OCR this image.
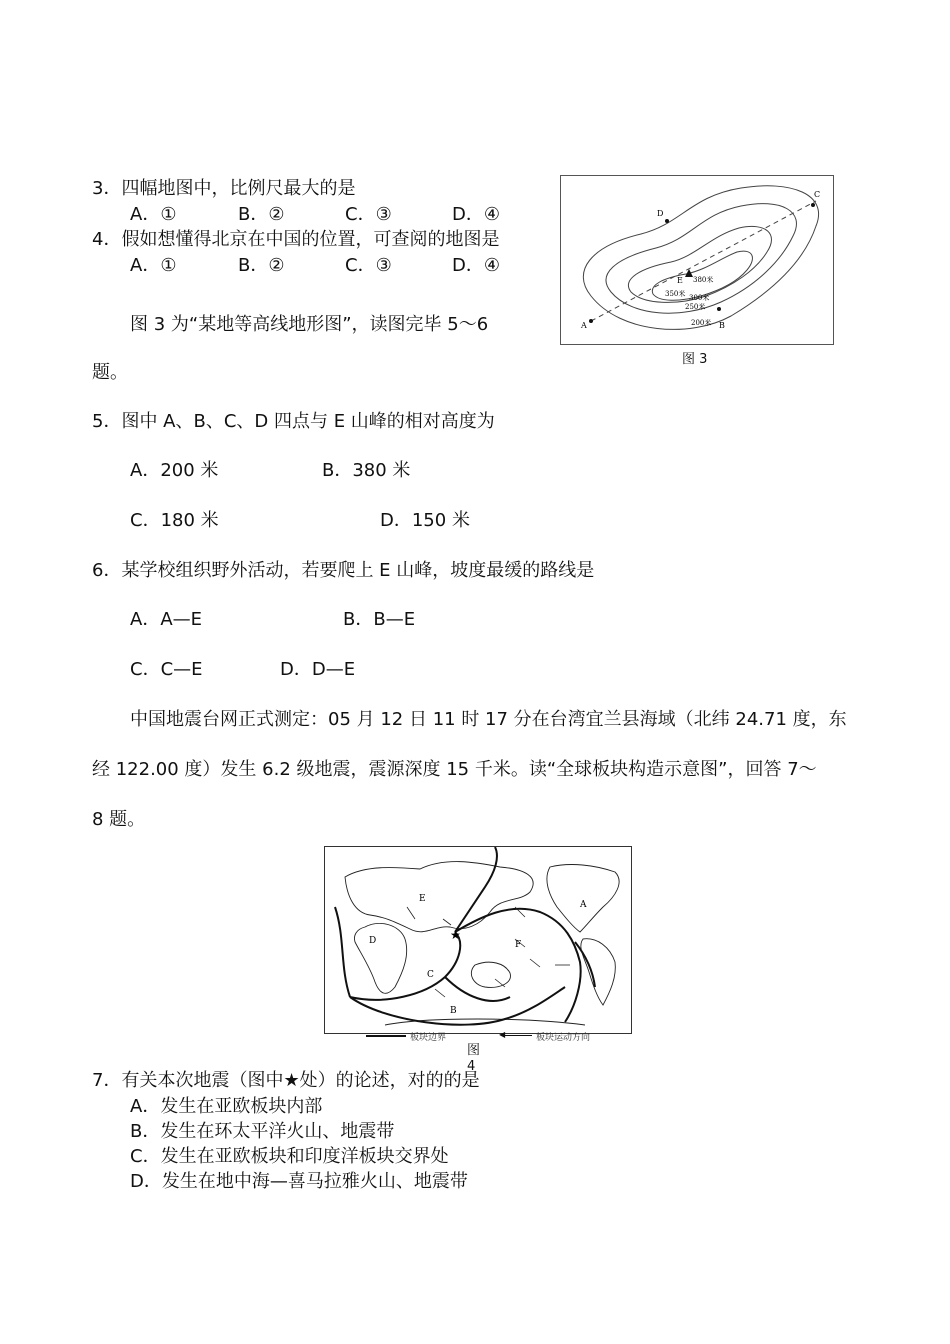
3．四幅地图中，比例尺最大的是
A．①	B．②	C．③	D．④
4．假如想懂得北京在中国的位置，可查阅的地图是
A．①	B．②	C．③	D．④
A	B
C
D
E 380米
350米 300米
250米
200米
图 3
图 3 为“某地等高线地形图”，读图完毕 5～6
题。
5．图中 A、B、C、D 四点与 E 山峰的相对高度为
A．200 米	B．380 米
C．180 米	D．150 米
6．某学校组织野外活动，若要爬上 E 山峰，坡度最缓的路线是
A．A—E	B．B—E
C．C—E	D．D—E
中国地震台网正式测定：05 月 12 日 11 时 17 分在台湾宜兰县海域（北纬 24.71 度，东
经 122.00 度）发生 6.2 级地震，震源深度 15 千米。读“全球板块构造示意图”，回答 7～
8 题。
★
A
B
C
D
E
F
板块边界	◀	板块运动方向
图
4
7．有关本次地震（图中★处）的论述，对的的是
A．发生在亚欧板块内部
B．发生在环太平洋火山、地震带
C．发生在亚欧板块和印度洋板块交界处
D．发生在地中海—喜马拉雅火山、地震带
